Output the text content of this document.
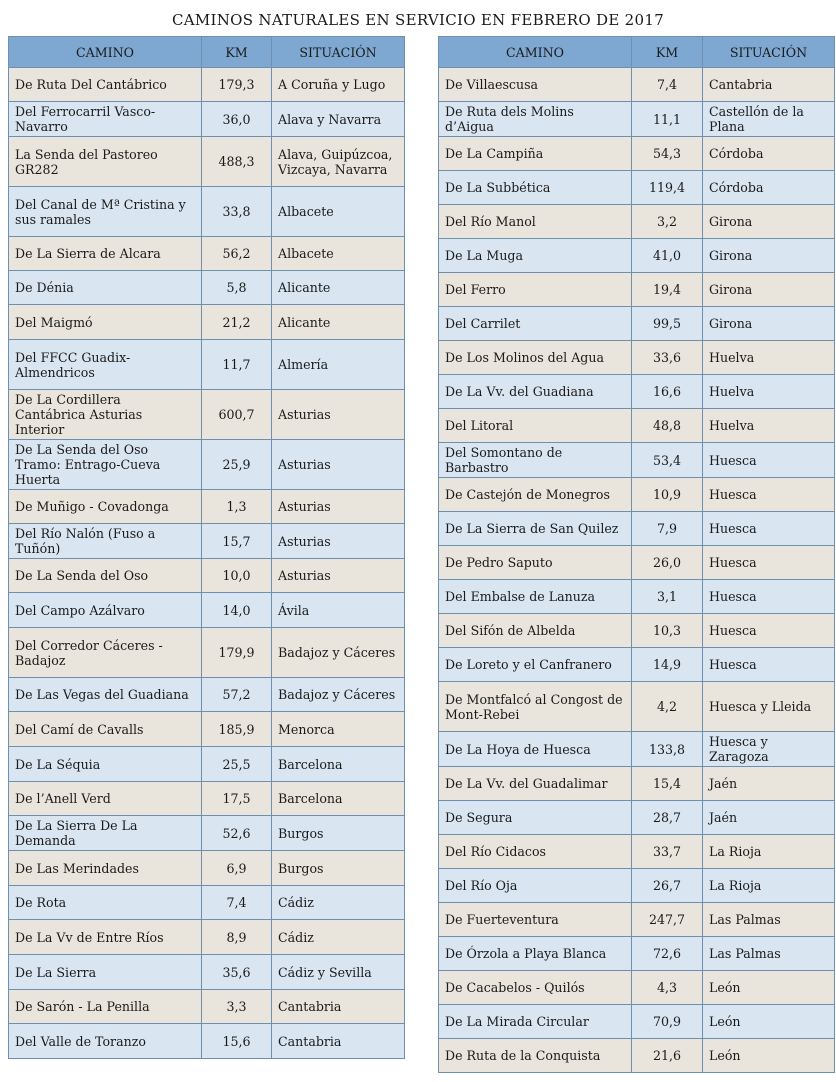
CAMINOS NATURALES EN SERVICIO EN FEBRERO DE 2017
CAMINO	KM	SITUACIÓN
De Ruta Del Cantábrico	179,3	A Coruña y Lugo
Del Ferrocarril Vasco-Navarro	36,0	Alava y Navarra
La Senda del Pastoreo GR282	488,3	Alava, Guipúzcoa, Vizcaya, Navarra
Del Canal de Mª Cristina y sus ramales	33,8	Albacete
De La Sierra de Alcara	56,2	Albacete
De Dénia	5,8	Alicante
Del Maigmó	21,2	Alicante
Del FFCC Guadix-Almendricos	11,7	Almería
De La Cordillera Cantábrica Asturias Interior	600,7	Asturias
De La Senda del Oso Tramo: Entrago-Cueva Huerta	25,9	Asturias
De Muñigo - Covadonga	1,3	Asturias
Del Río Nalón (Fuso a Tuñón)	15,7	Asturias
De La Senda del Oso	10,0	Asturias
Del Campo Azálvaro	14,0	Ávila
Del Corredor Cáceres - Badajoz	179,9	Badajoz y Cáceres
De Las Vegas del Guadiana	57,2	Badajoz y Cáceres
Del Camí de Cavalls	185,9	Menorca
De La Séquia	25,5	Barcelona
De l’Anell Verd	17,5	Barcelona
De La Sierra De La Demanda	52,6	Burgos
De Las Merindades	6,9	Burgos
De Rota	7,4	Cádiz
De La Vv de Entre Ríos	8,9	Cádiz
De La Sierra	35,6	Cádiz y Sevilla
De Sarón - La Penilla	3,3	Cantabria
Del Valle de Toranzo	15,6	Cantabria
CAMINO	KM	SITUACIÓN
De Villaescusa	7,4	Cantabria
De Ruta dels Molins d’Aigua	11,1	Castellón de la Plana
De La Campiña	54,3	Córdoba
De La Subbética	119,4	Córdoba
Del Río Manol	3,2	Girona
De La Muga	41,0	Girona
Del Ferro	19,4	Girona
Del Carrilet	99,5	Girona
De Los Molinos del Agua	33,6	Huelva
De La Vv. del Guadiana	16,6	Huelva
Del Litoral	48,8	Huelva
Del Somontano de Barbastro	53,4	Huesca
De Castejón de Monegros	10,9	Huesca
De La Sierra de San Quilez	7,9	Huesca
De Pedro Saputo	26,0	Huesca
Del Embalse de Lanuza	3,1	Huesca
Del Sifón de Albelda	10,3	Huesca
De Loreto y el Canfranero	14,9	Huesca
De Montfalcó al Congost de Mont-Rebei	4,2	Huesca y Lleida
De La Hoya de Huesca	133,8	Huesca y Zaragoza
De La Vv. del Guadalimar	15,4	Jaén
De Segura	28,7	Jaén
Del Río Cidacos	33,7	La Rioja
Del Río Oja	26,7	La Rioja
De Fuerteventura	247,7	Las Palmas
De Órzola a Playa Blanca	72,6	Las Palmas
De Cacabelos - Quilós	4,3	León
De La Mirada Circular	70,9	León
De Ruta de la Conquista	21,6	León
